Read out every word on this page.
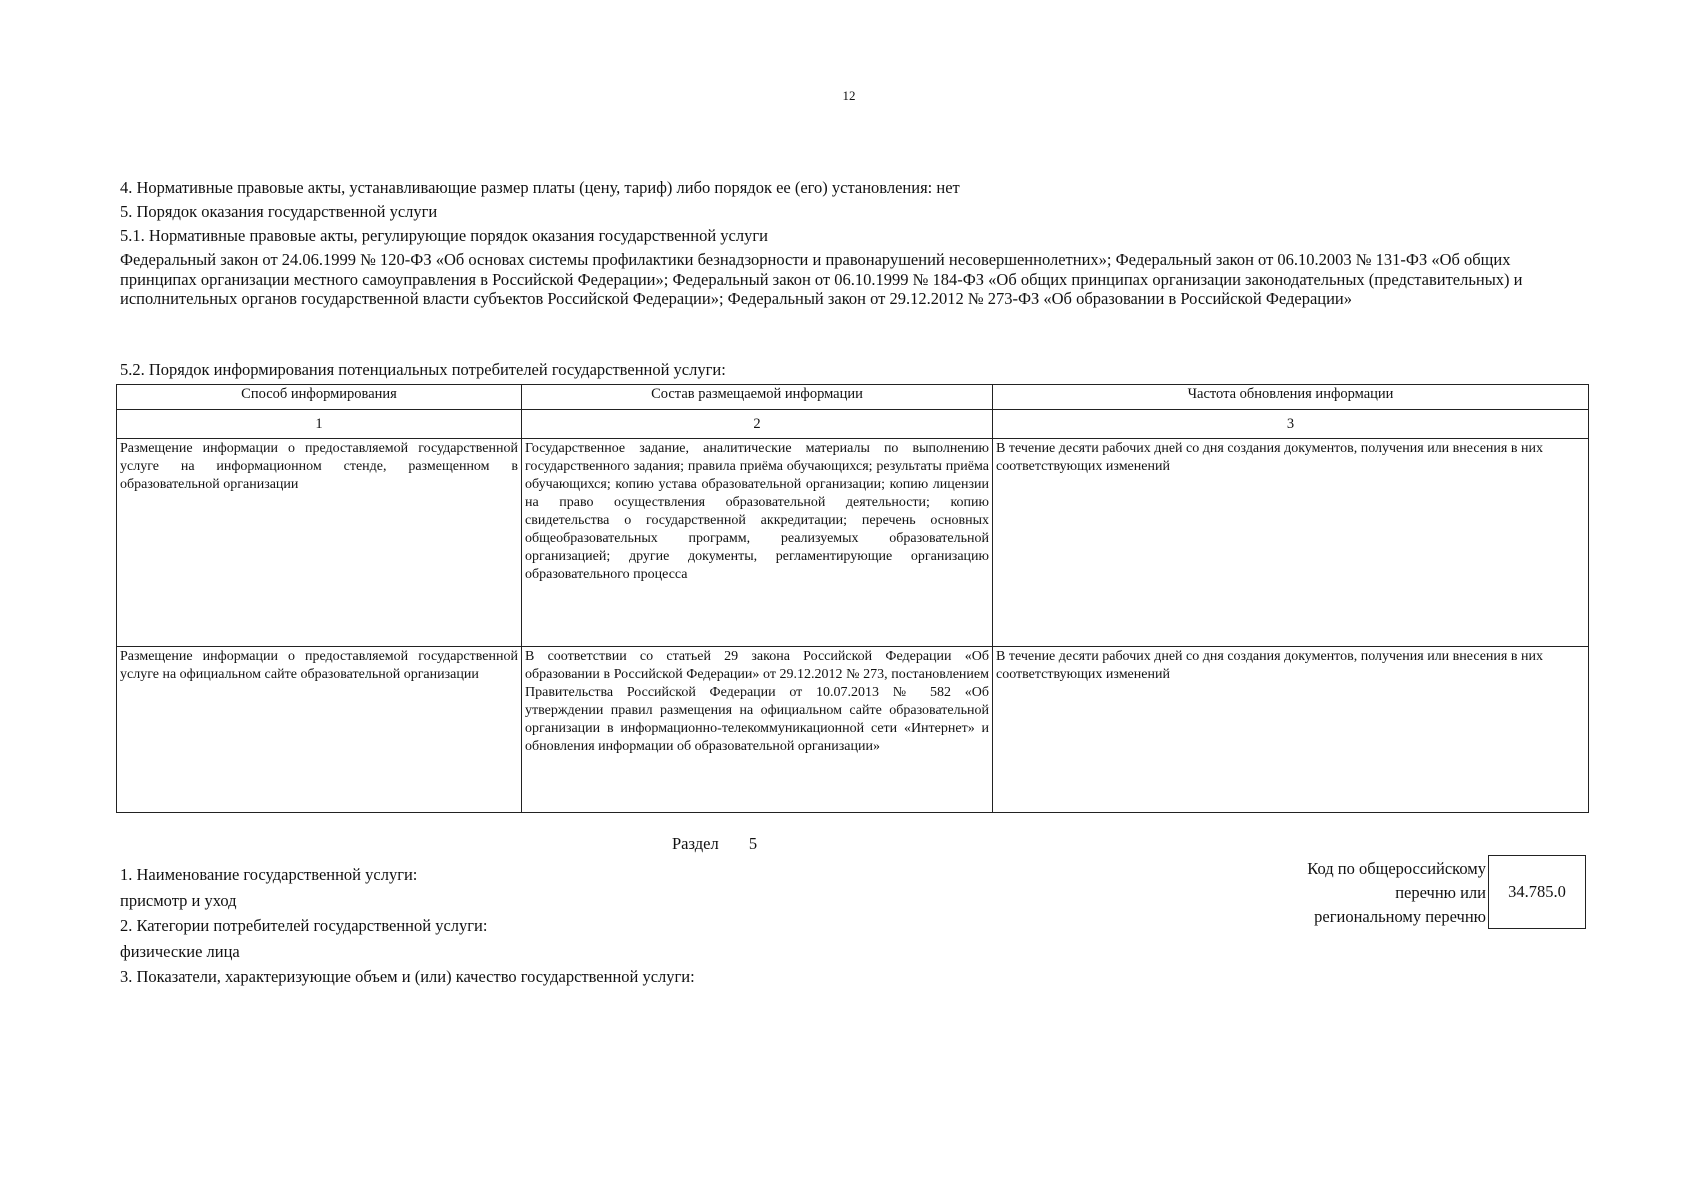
12
4. Нормативные правовые акты, устанавливающие размер платы (цену, тариф) либо порядок ее (его) установления: нет
5. Порядок оказания государственной услуги
5.1. Нормативные правовые акты, регулирующие порядок оказания государственной услуги
Федеральный закон от 24.06.1999 № 120-ФЗ «Об основах системы профилактики безнадзорности и правонарушений несовершеннолетних»; Федеральный закон от 06.10.2003 № 131-ФЗ «Об общих принципах организации местного самоуправления в Российской Федерации»; Федеральный закон от 06.10.1999 № 184-ФЗ «Об общих принципах организации законодательных (представительных) и исполнительных органов государственной власти субъектов Российской Федерации»; Федеральный закон от 29.12.2012 № 273-ФЗ «Об образовании в Российской Федерации»
5.2. Порядок информирования потенциальных потребителей государственной услуги:
Способ информирования	Состав размещаемой информации	Частота обновления информации
1	2	3
Размещение информации о предоставляемой государственной услуге на информационном стенде, размещенном в образовательной организации	Государственное задание, аналитические материалы по выполнению государственного задания; правила приёма обучающихся; результаты приёма обучающихся; копию устава образовательной организации; копию лицензии на право осуществления образовательной деятельности; копию свидетельства о государственной аккредитации; перечень основных общеобразовательных программ, реализуемых образовательной организацией; другие документы, регламентирующие организацию образовательного процесса	В течение десяти рабочих дней со дня создания документов, получения или внесения в них соответствующих изменений
Размещение информации о предоставляемой государственной услуге на официальном сайте образовательной организации	В соответствии со статьей 29 закона Российской Федерации «Об образовании в Российской Федерации» от 29.12.2012 № 273, постановлением Правительства Российской Федерации от 10.07.2013 № 582 «Об утверждении правил размещения на официальном сайте образовательной организации в информационно-телекоммуникационной сети «Интернет» и обновления информации об образовательной организации»	В течение десяти рабочих дней со дня создания документов, получения или внесения в них соответствующих изменений
Раздел 5
1. Наименование государственной услуги:
присмотр и уход
2. Категории потребителей государственной услуги:
физические лица
3. Показатели, характеризующие объем и (или) качество государственной услуги:
Код по общероссийскому
перечню или
региональному перечню
34.785.0
